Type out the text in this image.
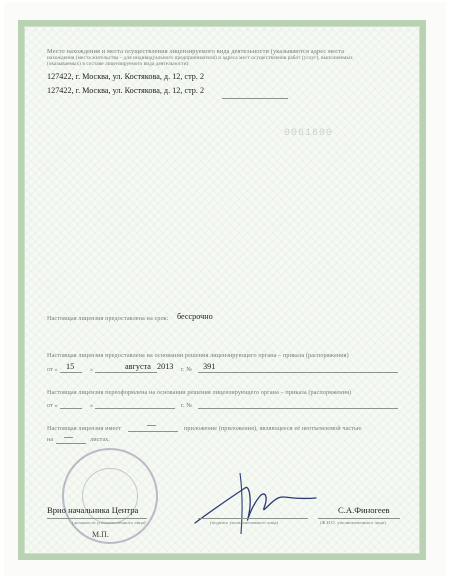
Место нахождения и места осуществления лицензируемого вида деятельности (указываются адрес места
нахождения (места жительства – для индивидуального предпринимателя) и адреса мест осуществления работ (услуг), выполняемых
(оказываемых) в составе лицензируемого вида деятельности)
127422, г. Москва, ул. Костякова, д. 12, стр. 2
127422, г. Москва, ул. Костякова, д. 12, стр. 2
0061600
Настоящая лицензия предоставлена на срок: бессрочно
Настоящая лицензия предоставлена на основании решения лицензирующего органа – приказа (распоряжения)
от « 15	»	августа 2013 г. № 391
Настоящая лицензия переоформлена на основании решения лицензирующего органа – приказа (распоряжения)
от «	»	г. №
Настоящая лицензия имеет	—	приложение (приложения), являющееся её неотъемлемой частью
на —	листах.
Врио начальника Центра
(должность уполномоченного лица)	(подпись уполномоченного лица)
С.А.Финогеев
(Ф.И.О. уполномоченного лица)
М.П.
